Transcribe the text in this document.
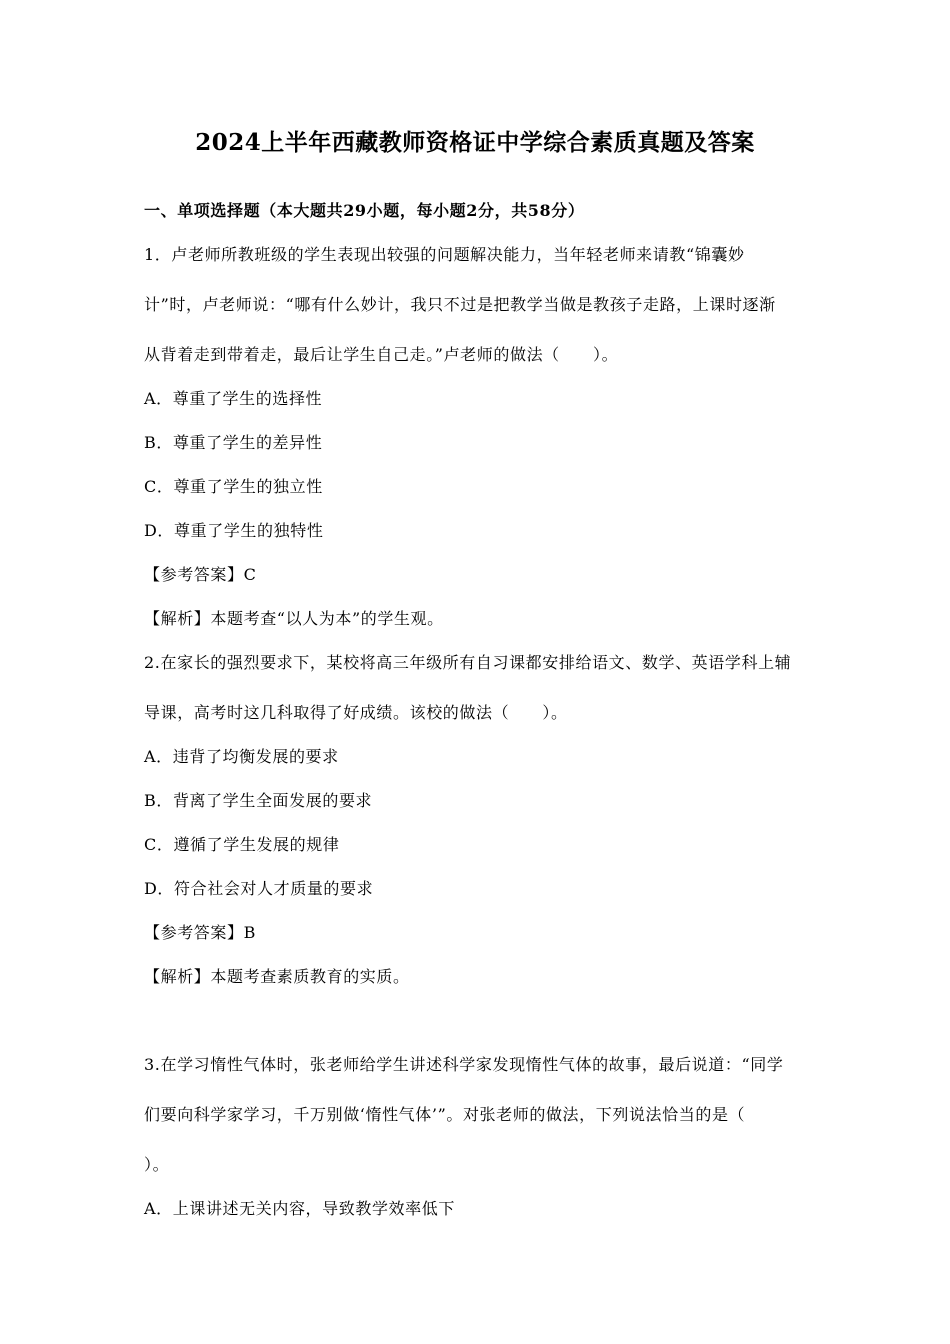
2024上半年西藏教师资格证中学综合素质真题及答案
一、单项选择题（本大题共29小题，每小题2分，共58分）
1．卢老师所教班级的学生表现出较强的问题解决能力，当年轻老师来请教“锦囊妙
计”时，卢老师说：“哪有什么妙计，我只不过是把教学当做是教孩子走路，上课时逐渐
从背着走到带着走，最后让学生自己走。”卢老师的做法（　　）。
A．尊重了学生的选择性
B．尊重了学生的差异性
C．尊重了学生的独立性
D．尊重了学生的独特性
【参考答案】C
【解析】本题考查“以人为本”的学生观。
2.在家长的强烈要求下，某校将高三年级所有自习课都安排给语文、数学、英语学科上辅
导课，高考时这几科取得了好成绩。该校的做法（　　）。
A．违背了均衡发展的要求
B．背离了学生全面发展的要求
C．遵循了学生发展的规律
D．符合社会对人才质量的要求
【参考答案】B
【解析】本题考查素质教育的实质。
3.在学习惰性气体时，张老师给学生讲述科学家发现惰性气体的故事，最后说道：“同学
们要向科学家学习，千万别做‘惰性气体’”。对张老师的做法，下列说法恰当的是（
）。
A．上课讲述无关内容，导致教学效率低下
